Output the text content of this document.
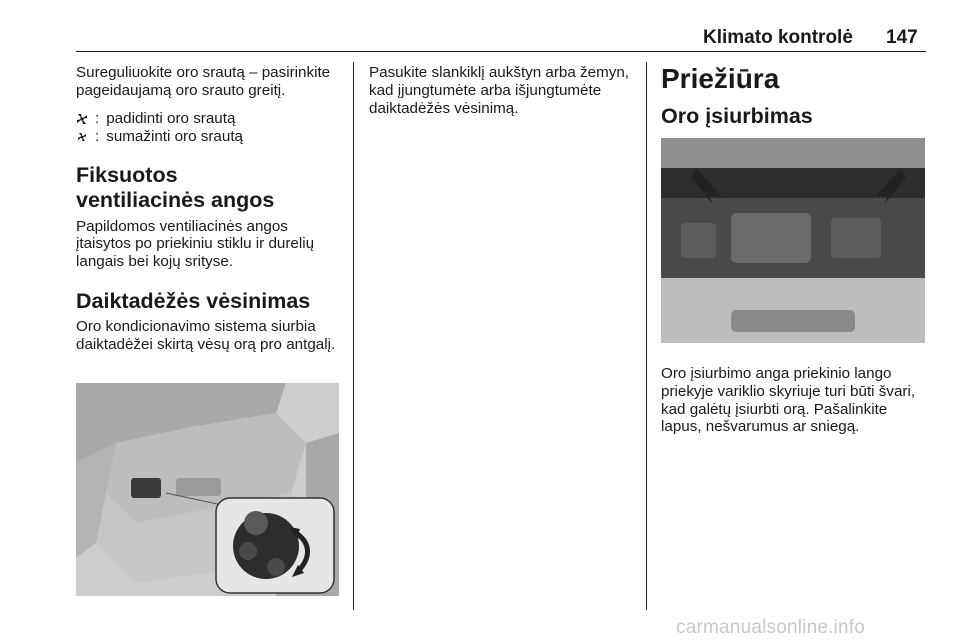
Klimato kontrolė 147

Sureguliuokite oro srautą – pasirinkite pageidaujamą oro srauto greitį.

: padidinti oro srautą
: sumažinti oro srautą
Fiksuotos ventiliacinės angos

Papildomos ventiliacinės angos įtaisytos po priekiniu stiklu ir durelių langais bei kojų srityse.

Daiktadėžės vėsinimas

Oro kondicionavimo sistema siurbia daiktadėžei skirtą vėsų orą pro antgalį.

Pasukite slankiklį aukštyn arba žemyn, kad įjungtumėte arba išjungtumėte daiktadėžės vėsinimą.

Priežiūra
Oro įsiurbimas

Oro įsiurbimo anga priekinio lango priekyje variklio skyriuje turi būti švari, kad galėtų įsiurbti orą. Pašalinkite lapus, nešvarumus ar sniegą.

carmanualsonline.info
